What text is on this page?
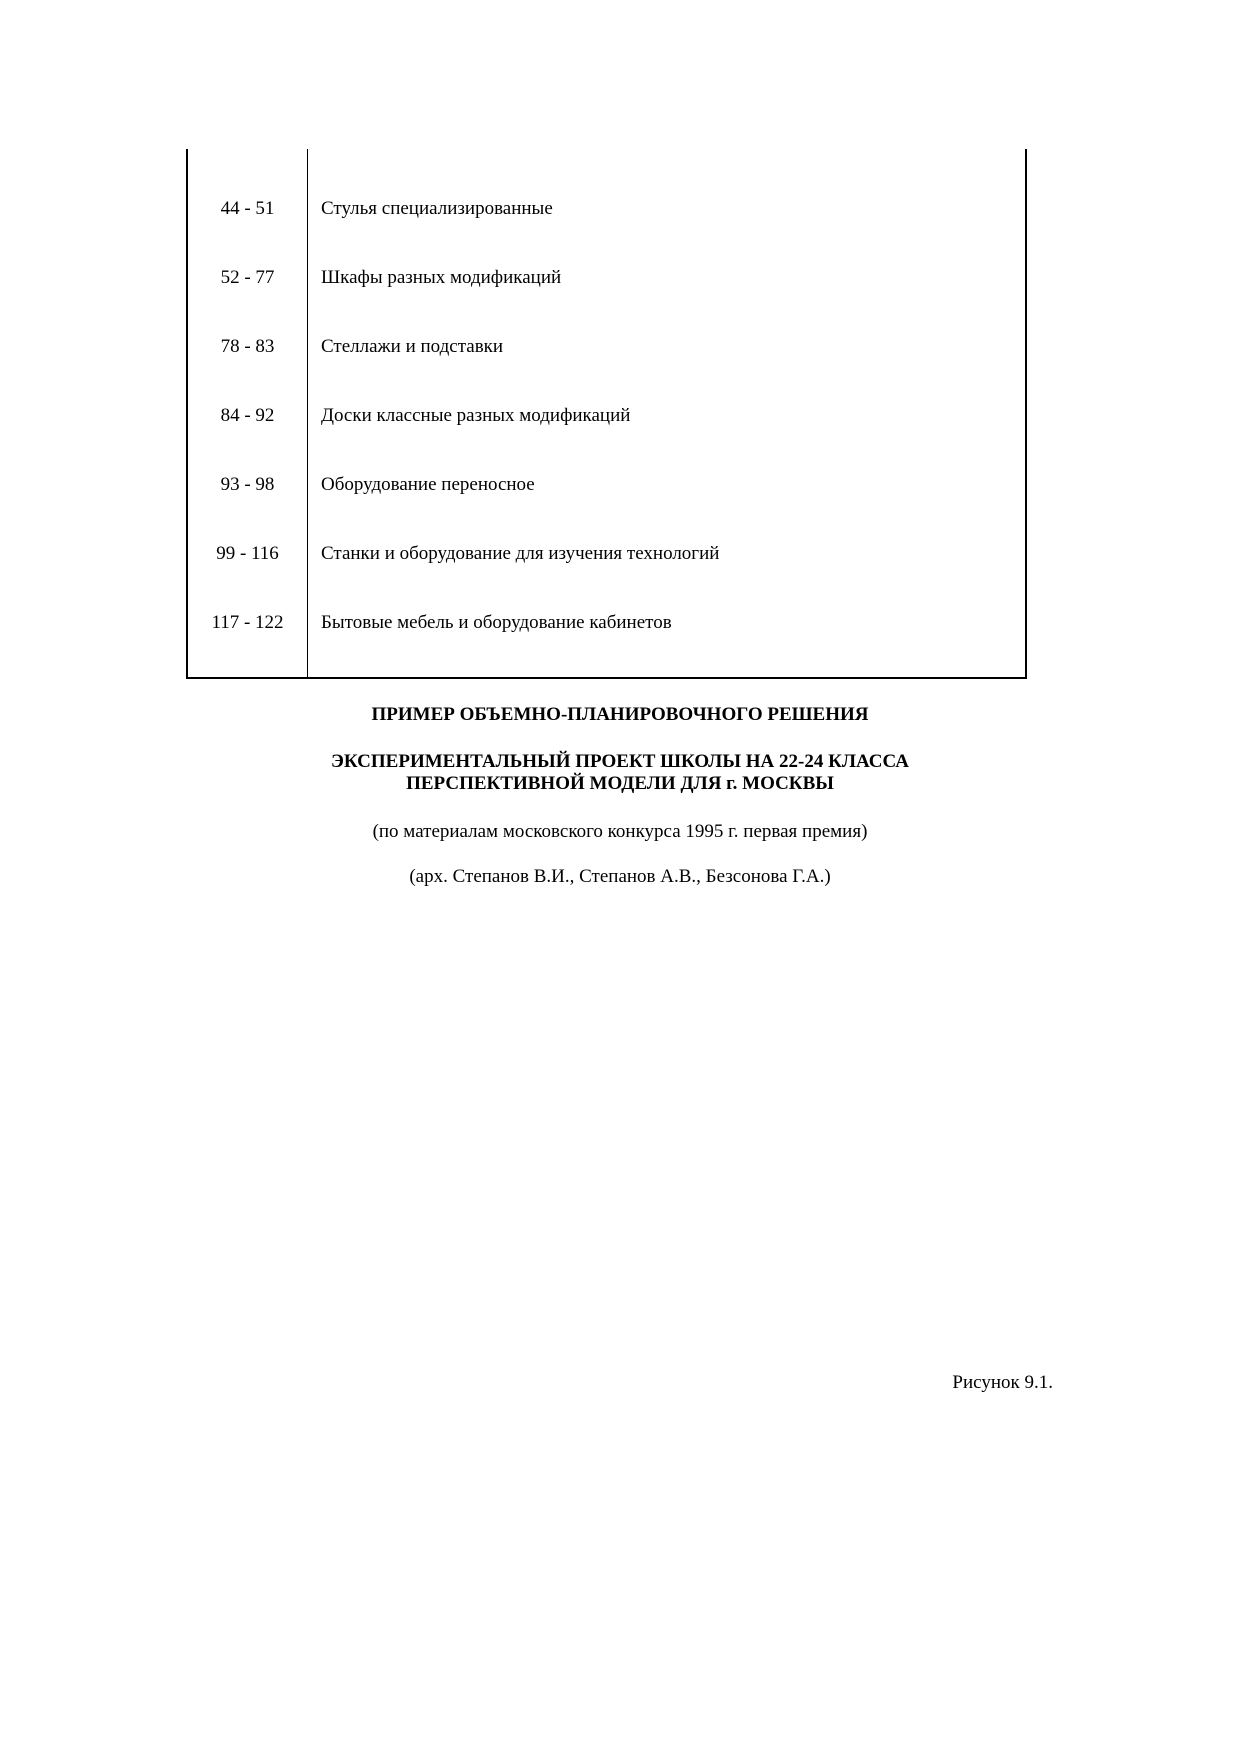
44 - 51	Стулья специализированные
52 - 77	Шкафы разных модификаций
78 - 83	Стеллажи и подставки
84 - 92	Доски классные разных модификаций
93 - 98	Оборудование переносное
99 - 116	Станки и оборудование для изучения технологий
117 - 122	Бытовые мебель и оборудование кабинетов
ПРИМЕР ОБЪЕМНО-ПЛАНИРОВОЧНОГО РЕШЕНИЯ
ЭКСПЕРИМЕНТАЛЬНЫЙ ПРОЕКТ ШКОЛЫ НА 22-24 КЛАССА
ПЕРСПЕКТИВНОЙ МОДЕЛИ ДЛЯ г. МОСКВЫ
(по материалам московского конкурса 1995 г. первая премия)
(арх. Степанов В.И., Степанов А.В., Безсонова Г.А.)
Рисунок 9.1.
